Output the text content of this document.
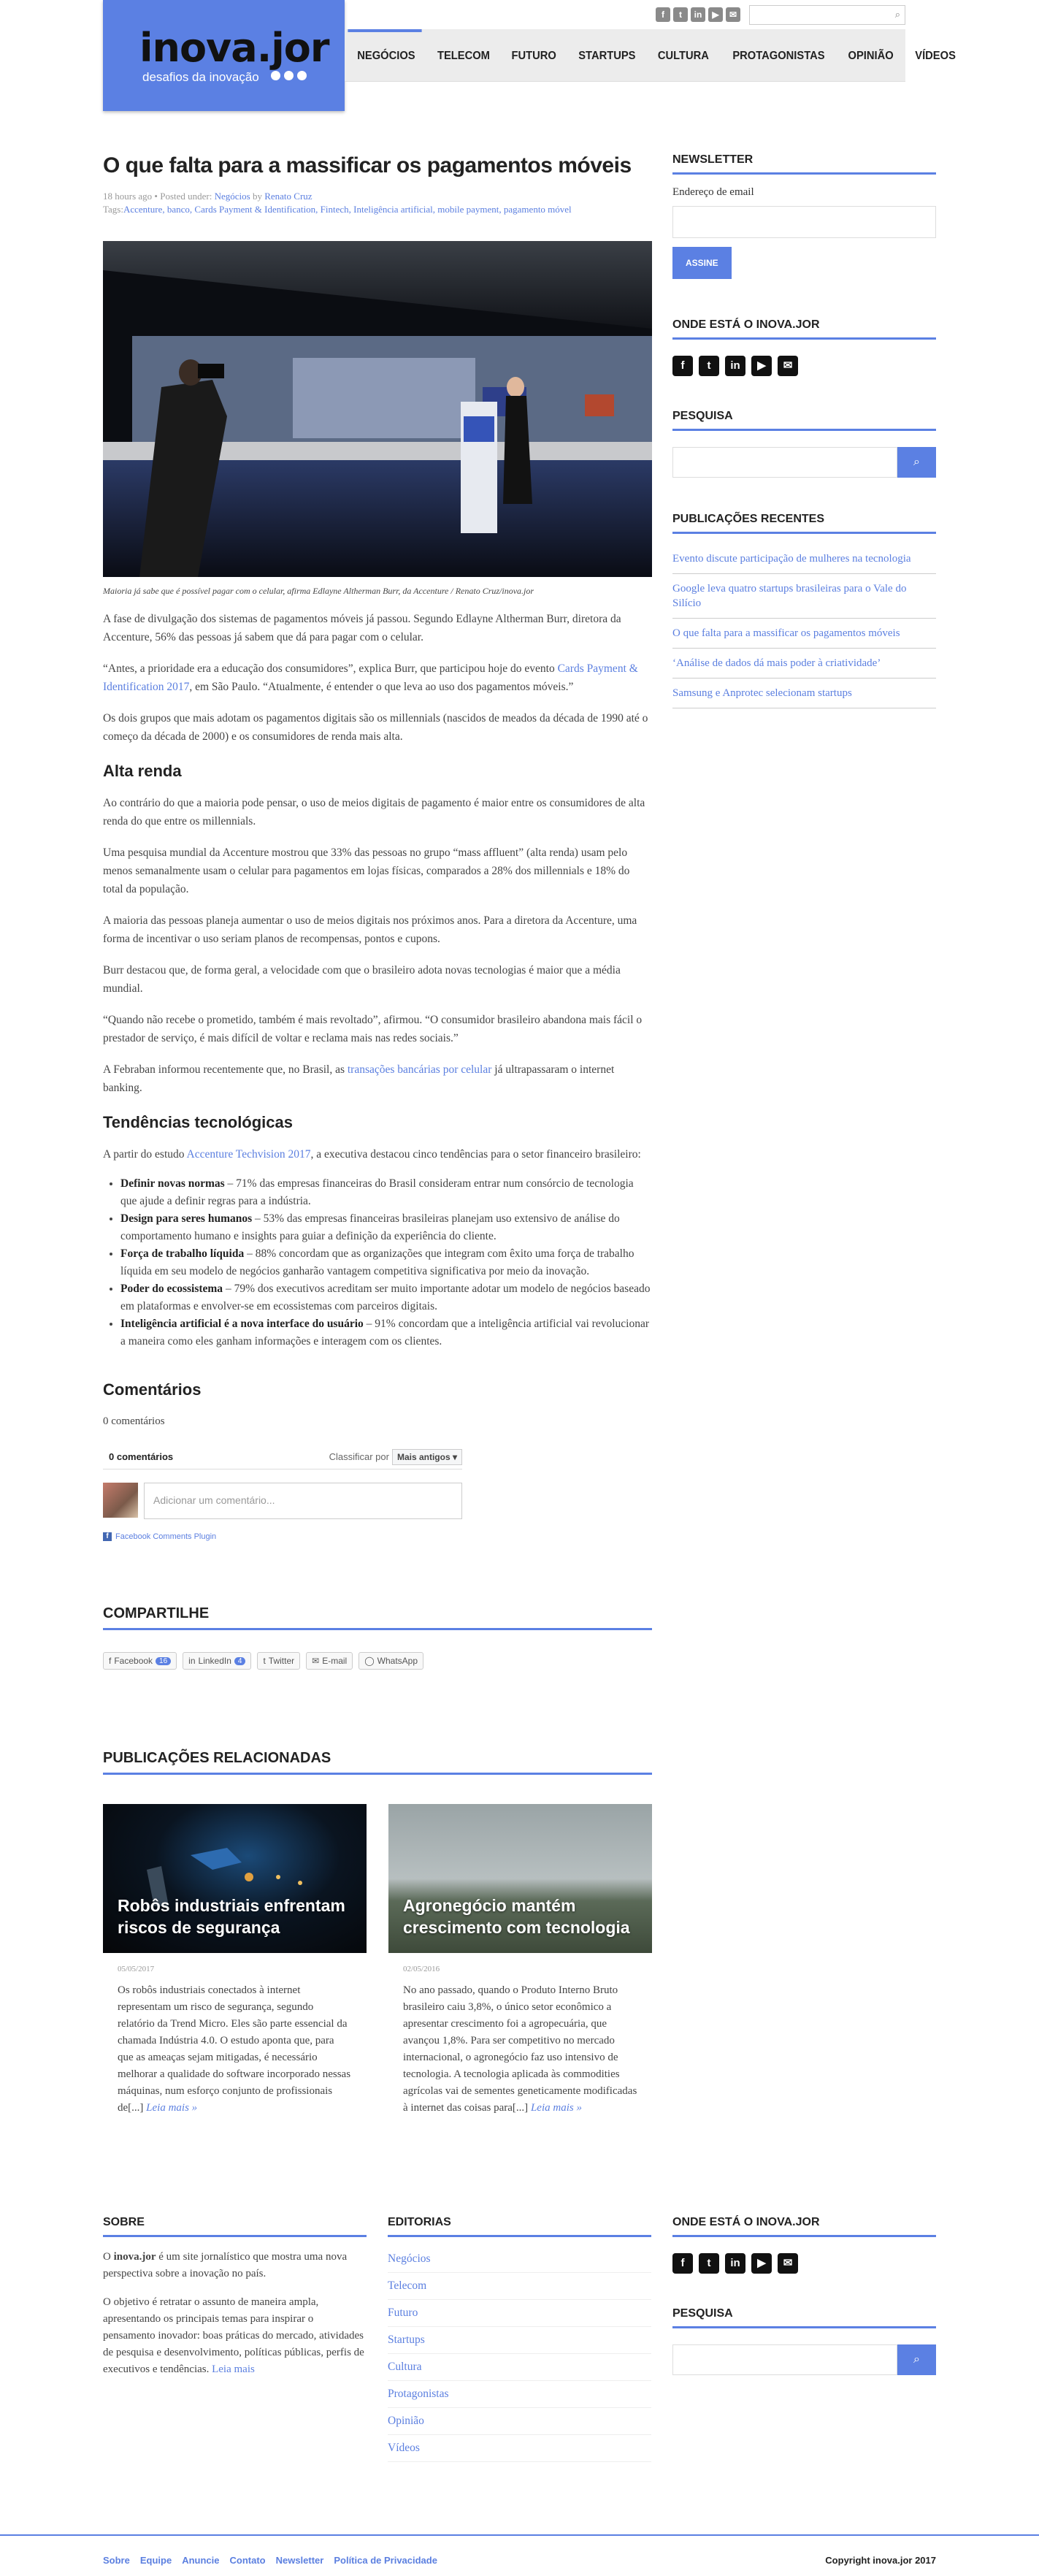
inova.jor
desafios da inovação
f	t	in	▶	✉	⌕
NEGÓCIOS	TELECOM	FUTURO	STARTUPS	CULTURA	PROTAGONISTAS	OPINIÃO	VÍDEOS
O que falta para a massificar os pagamentos móveis
18 hours ago • Posted under: Negócios by Renato Cruz
Tags:Accenture, banco, Cards Payment & Identification, Fintech, Inteligência artificial, mobile payment, pagamento móvel
Maioria já sabe que é possível pagar com o celular, afirma Edlayne Altherman Burr, da Accenture / Renato Cruz/inova.jor

A fase de divulgação dos sistemas de pagamentos móveis já passou. Segundo Edlayne Altherman Burr, diretora da Accenture, 56% das pessoas já sabem que dá para pagar com o celular.

“Antes, a prioridade era a educação dos consumidores”, explica Burr, que participou hoje do evento Cards Payment & Identification 2017, em São Paulo. “Atualmente, é entender o que leva ao uso dos pagamentos móveis.”

Os dois grupos que mais adotam os pagamentos digitais são os millennials (nascidos de meados da década de 1990 até o começo da década de 2000) e os consumidores de renda mais alta.

Alta renda

Ao contrário do que a maioria pode pensar, o uso de meios digitais de pagamento é maior entre os consumidores de alta renda do que entre os millennials.

Uma pesquisa mundial da Accenture mostrou que 33% das pessoas no grupo “mass affluent” (alta renda) usam pelo menos semanalmente usam o celular para pagamentos em lojas físicas, comparados a 28% dos millennials e 18% do total da população.

A maioria das pessoas planeja aumentar o uso de meios digitais nos próximos anos. Para a diretora da Accenture, uma forma de incentivar o uso seriam planos de recompensas, pontos e cupons.

Burr destacou que, de forma geral, a velocidade com que o brasileiro adota novas tecnologias é maior que a média mundial.

“Quando não recebe o prometido, também é mais revoltado”, afirmou. “O consumidor brasileiro abandona mais fácil o prestador de serviço, é mais difícil de voltar e reclama mais nas redes sociais.”

A Febraban informou recentemente que, no Brasil, as transações bancárias por celular já ultrapassaram o internet banking.

Tendências tecnológicas

A partir do estudo Accenture Techvision 2017, a executiva destacou cinco tendências para o setor financeiro brasileiro:

• Definir novas normas – 71% das empresas financeiras do Brasil consideram entrar num consórcio de tecnologia que ajude a definir regras para a indústria.
• Design para seres humanos – 53% das empresas financeiras brasileiras planejam uso extensivo de análise do comportamento humano e insights para guiar a definição da experiência do cliente.
• Força de trabalho líquida – 88% concordam que as organizações que integram com êxito uma força de trabalho líquida em seu modelo de negócios ganharão vantagem competitiva significativa por meio da inovação.
• Poder do ecossistema – 79% dos executivos acreditam ser muito importante adotar um modelo de negócios baseado em plataformas e envolver-se em ecossistemas com parceiros digitais.
• Inteligência artificial é a nova interface do usuário – 91% concordam que a inteligência artificial vai revolucionar a maneira como eles ganham informações e interagem com os clientes.
Comentários
0 comentários
0 comentários	Classificar por Mais antigos ▾
Adicionar um comentário...
f Facebook Comments Plugin
COMPARTILHE
f Facebook 16	in LinkedIn 4	t Twitter ✉ E-mail ◯ WhatsApp
PUBLICAÇÕES RELACIONADAS
Robôs industriais enfrentam riscos de segurança
05/05/2017
Os robôs industriais conectados à internet representam um risco de segurança, segundo relatório da Trend Micro. Eles são parte essencial da chamada Indústria 4.0. O estudo aponta que, para que as ameaças sejam mitigadas, é necessário melhorar a qualidade do software incorporado nessas máquinas, num esforço conjunto de profissionais de[...] Leia mais »
Agronegócio mantém crescimento com tecnologia
02/05/2016
No ano passado, quando o Produto Interno Bruto brasileiro caiu 3,8%, o único setor econômico a apresentar crescimento foi a agropecuária, que avançou 1,8%. Para ser competitivo no mercado internacional, o agronegócio faz uso intensivo de tecnologia. A tecnologia aplicada às commodities agrícolas vai de sementes geneticamente modificadas à internet das coisas para[...] Leia mais »
NEWSLETTER
Endereço de email
ASSINE
ONDE ESTÁ O INOVA.JOR
f	t	in	▶	✉
PESQUISA
⌕
PUBLICAÇÕES RECENTES
Evento discute participação de mulheres na tecnologia
Google leva quatro startups brasileiras para o Vale do Silício
O que falta para a massificar os pagamentos móveis
‘Análise de dados dá mais poder à criatividade’
Samsung e Anprotec selecionam startups
SOBRE

O inova.jor é um site jornalístico que mostra uma nova perspectiva sobre a inovação no país.

O objetivo é retratar o assunto de maneira ampla, apresentando os principais temas para inspirar o pensamento inovador: boas práticas do mercado, atividades de pesquisa e desenvolvimento, políticas públicas, perfis de executivos e tendências. Leia mais

EDITORIAS
Negócios
Telecom
Futuro
Startups
Cultura
Protagonistas
Opinião
Vídeos
ONDE ESTÁ O INOVA.JOR
f	t	in	▶	✉
PESQUISA
⌕
Sobre Equipe Anuncie Contato Newsletter Política de Privacidade	Copyright inova.jor 2017
